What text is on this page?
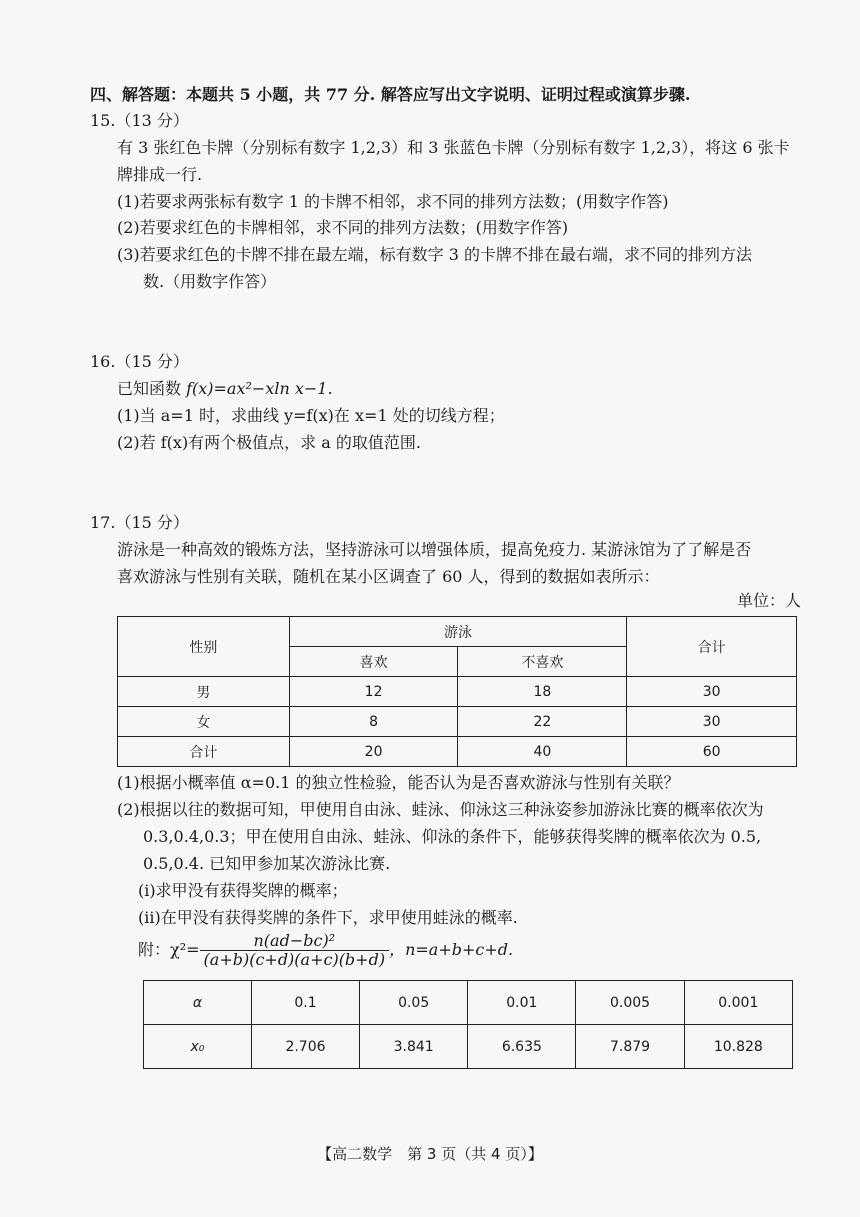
四、解答题：本题共 5 小题，共 77 分. 解答应写出文字说明、证明过程或演算步骤.
15.（13 分）
有 3 张红色卡牌（分别标有数字 1,2,3）和 3 张蓝色卡牌（分别标有数字 1,2,3），将这 6 张卡
牌排成一行.
(1)若要求两张标有数字 1 的卡牌不相邻，求不同的排列方法数；(用数字作答)
(2)若要求红色的卡牌相邻，求不同的排列方法数；(用数字作答)
(3)若要求红色的卡牌不排在最左端，标有数字 3 的卡牌不排在最右端，求不同的排列方法
数.（用数字作答）
16.（15 分）
已知函数 f(x)=ax²−xln x−1.
(1)当 a=1 时，求曲线 y=f(x)在 x=1 处的切线方程；
(2)若 f(x)有两个极值点，求 a 的取值范围.
17.（15 分）
游泳是一种高效的锻炼方法，坚持游泳可以增强体质，提高免疫力. 某游泳馆为了了解是否
喜欢游泳与性别有关联，随机在某小区调查了 60 人，得到的数据如表所示：
单位：人
性别	游泳		合计
	喜欢	不喜欢	
男	12	18	30
女	8	22	30
合计	20	40	60
(1)根据小概率值 α=0.1 的独立性检验，能否认为是否喜欢游泳与性别有关联？
(2)根据以往的数据可知，甲使用自由泳、蛙泳、仰泳这三种泳姿参加游泳比赛的概率依次为
0.3,0.4,0.3；甲在使用自由泳、蛙泳、仰泳的条件下，能够获得奖牌的概率依次为 0.5,
0.5,0.4. 已知甲参加某次游泳比赛.
(ⅰ)求甲没有获得奖牌的概率；
(ⅱ)在甲没有获得奖牌的条件下，求甲使用蛙泳的概率.
附：$\chi^2= \frac{\text{n(ad−bc)²}}{(a+b)(c+d)(a+c)(b+d)}$ ，n=a+b+c+d.
α	0.1	0.05	0.01	0.005	0.001
x₀	2.706	3.841	6.635	7.879	10.828
【高二数学　第 3 页（共 4 页）】
